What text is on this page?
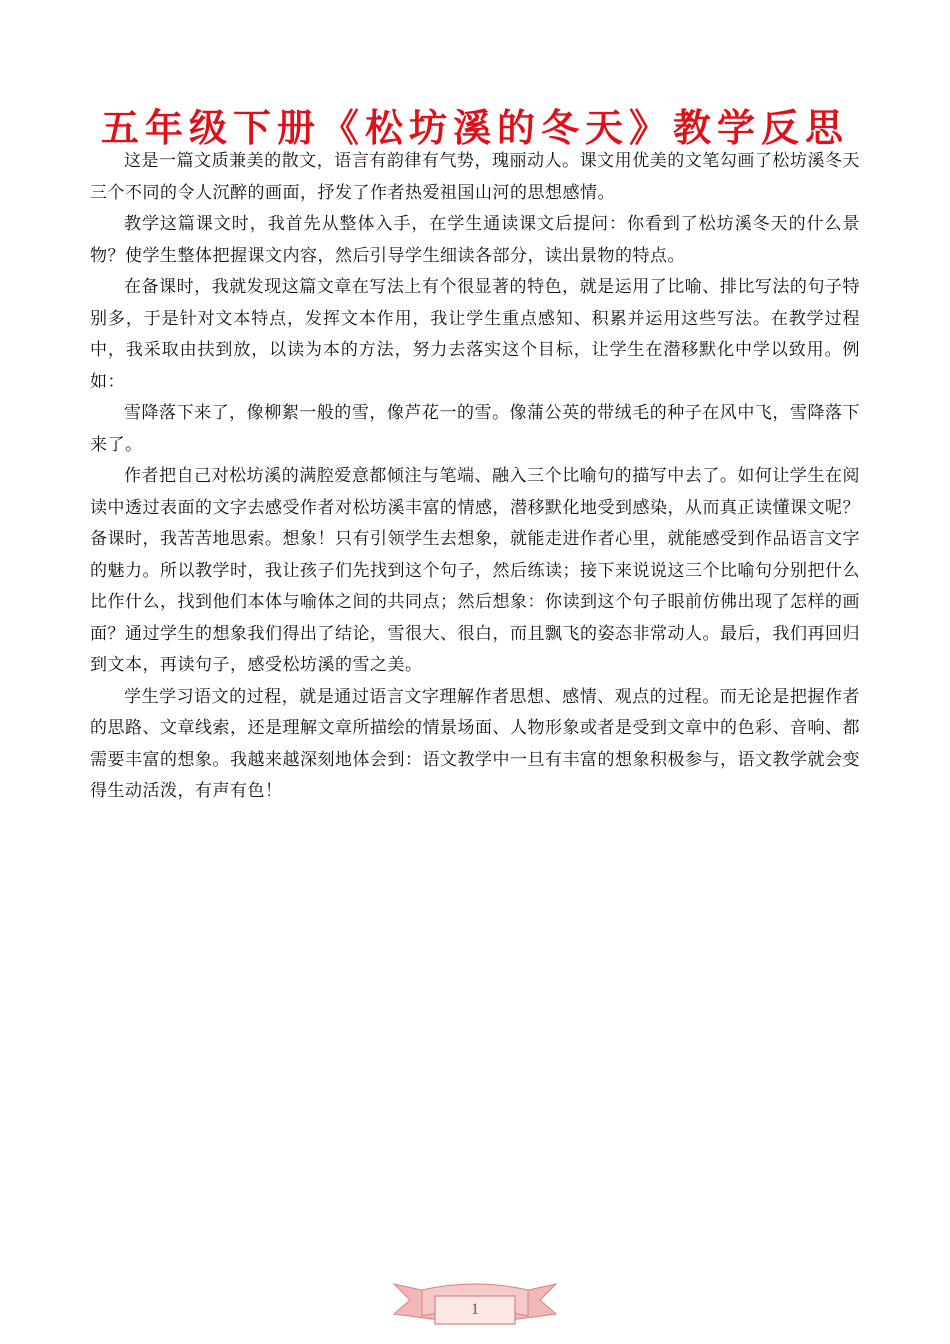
五年级下册《松坊溪的冬天》教学反思

这是一篇文质兼美的散文，语言有韵律有气势，瑰丽动人。课文用优美的文笔勾画了松坊溪冬天三个不同的令人沉醉的画面，抒发了作者热爱祖国山河的思想感情。

教学这篇课文时，我首先从整体入手，在学生通读课文后提问：你看到了松坊溪冬天的什么景物？使学生整体把握课文内容，然后引导学生细读各部分，读出景物的特点。

在备课时，我就发现这篇文章在写法上有个很显著的特色，就是运用了比喻、排比写法的句子特别多，于是针对文本特点，发挥文本作用，我让学生重点感知、积累并运用这些写法。在教学过程中，我采取由扶到放，以读为本的方法，努力去落实这个目标，让学生在潜移默化中学以致用。例如：

雪降落下来了，像柳絮一般的雪，像芦花一的雪。像蒲公英的带绒毛的种子在风中飞，雪降落下来了。

作者把自己对松坊溪的满腔爱意都倾注与笔端、融入三个比喻句的描写中去了。如何让学生在阅读中透过表面的文字去感受作者对松坊溪丰富的情感，潜移默化地受到感染，从而真正读懂课文呢？备课时，我苦苦地思索。想象！只有引领学生去想象，就能走进作者心里，就能感受到作品语言文字的魅力。所以教学时，我让孩子们先找到这个句子，然后练读；接下来说说这三个比喻句分别把什么比作什么，找到他们本体与喻体之间的共同点；然后想象：你读到这个句子眼前仿佛出现了怎样的画面？通过学生的想象我们得出了结论，雪很大、很白，而且飘飞的姿态非常动人。最后，我们再回归到文本，再读句子，感受松坊溪的雪之美。

学生学习语文的过程，就是通过语言文字理解作者思想、感情、观点的过程。而无论是把握作者的思路、文章线索，还是理解文章所描绘的情景场面、人物形象或者是受到文章中的色彩、音响、都需要丰富的想象。我越来越深刻地体会到：语文教学中一旦有丰富的想象积极参与，语文教学就会变得生动活泼，有声有色！

1
